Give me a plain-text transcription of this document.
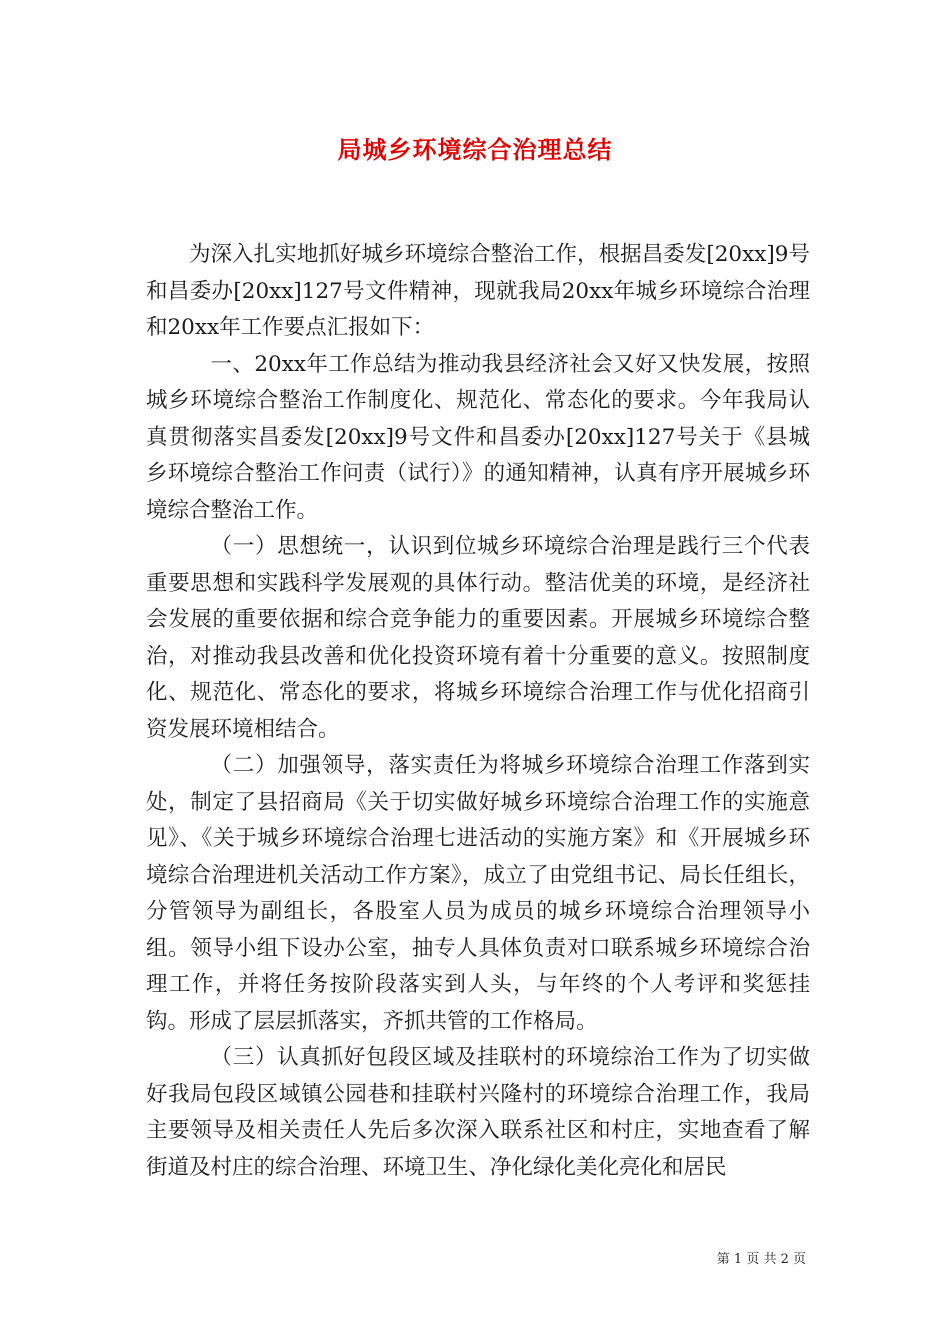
局城乡环境综合治理总结

为深入扎实地抓好城乡环境综合整治工作，根据昌委发[20xx]9号和昌委办[20xx]127号文件精神，现就我局20xx年城乡环境综合治理和20xx年工作要点汇报如下：

一、20xx年工作总结为推动我县经济社会又好又快发展，按照城乡环境综合整治工作制度化、规范化、常态化的要求。今年我局认真贯彻落实昌委发[20xx]9号文件和昌委办[20xx]127号关于《县城乡环境综合整治工作问责（试行）》的通知精神，认真有序开展城乡环境综合整治工作。

（一）思想统一，认识到位城乡环境综合治理是践行三个代表重要思想和实践科学发展观的具体行动。整洁优美的环境，是经济社会发展的重要依据和综合竞争能力的重要因素。开展城乡环境综合整治，对推动我县改善和优化投资环境有着十分重要的意义。按照制度化、规范化、常态化的要求，将城乡环境综合治理工作与优化招商引资发展环境相结合。

（二）加强领导，落实责任为将城乡环境综合治理工作落到实处，制定了县招商局《关于切实做好城乡环境综合治理工作的实施意见》、《关于城乡环境综合治理七进活动的实施方案》和《开展城乡环境综合治理进机关活动工作方案》，成立了由党组书记、局长任组长，分管领导为副组长，各股室人员为成员的城乡环境综合治理领导小组。领导小组下设办公室，抽专人具体负责对口联系城乡环境综合治理工作，并将任务按阶段落实到人头，与年终的个人考评和奖惩挂钩。形成了层层抓落实，齐抓共管的工作格局。

（三）认真抓好包段区域及挂联村的环境综治工作为了切实做好我局包段区域镇公园巷和挂联村兴隆村的环境综合治理工作，我局主要领导及相关责任人先后多次深入联系社区和村庄，实地查看了解街道及村庄的综合治理、环境卫生、净化绿化美化亮化和居民

第 1 页 共 2 页
